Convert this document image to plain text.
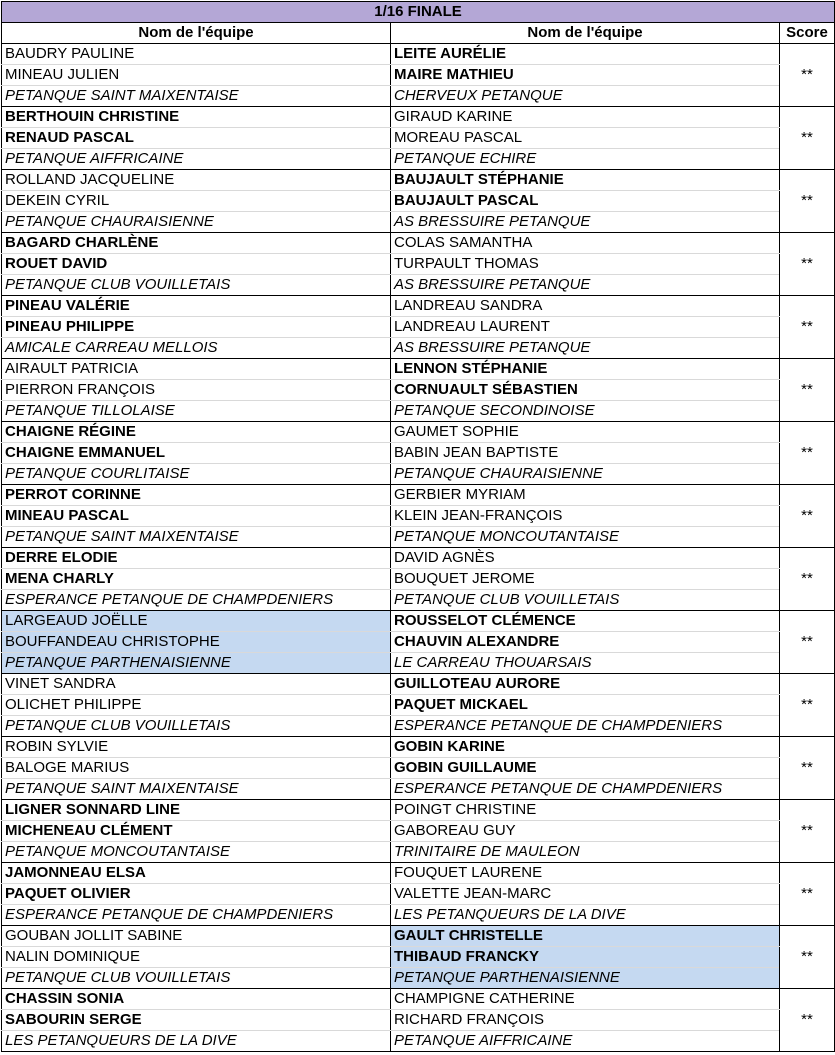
1/16 FINALE		
Nom de l'équipe	Nom de l'équipe	Score
BAUDRY PAULINE	LEITE AURÉLIE	**
MINEAU JULIEN	MAIRE MATHIEU	
PETANQUE SAINT MAIXENTAISE	CHERVEUX PETANQUE	
BERTHOUIN CHRISTINE	GIRAUD KARINE	**
RENAUD PASCAL	MOREAU PASCAL	
PETANQUE AIFFRICAINE	PETANQUE ECHIRE	
ROLLAND JACQUELINE	BAUJAULT STÉPHANIE	**
DEKEIN CYRIL	BAUJAULT PASCAL	
PETANQUE CHAURAISIENNE	AS BRESSUIRE PETANQUE	
BAGARD CHARLÈNE	COLAS SAMANTHA	**
ROUET DAVID	TURPAULT THOMAS	
PETANQUE CLUB VOUILLETAIS	AS BRESSUIRE PETANQUE	
PINEAU VALÉRIE	LANDREAU SANDRA	**
PINEAU PHILIPPE	LANDREAU LAURENT	
AMICALE CARREAU MELLOIS	AS BRESSUIRE PETANQUE	
AIRAULT PATRICIA	LENNON STÉPHANIE	**
PIERRON FRANÇOIS	CORNUAULT SÉBASTIEN	
PETANQUE TILLOLAISE	PETANQUE SECONDINOISE	
CHAIGNE RÉGINE	GAUMET SOPHIE	**
CHAIGNE EMMANUEL	BABIN JEAN BAPTISTE	
PETANQUE COURLITAISE	PETANQUE CHAURAISIENNE	
PERROT CORINNE	GERBIER MYRIAM	**
MINEAU PASCAL	KLEIN JEAN-FRANÇOIS	
PETANQUE SAINT MAIXENTAISE	PETANQUE MONCOUTANTAISE	
DERRE ELODIE	DAVID AGNÈS	**
MENA CHARLY	BOUQUET JEROME	
ESPERANCE PETANQUE DE CHAMPDENIERS	PETANQUE CLUB VOUILLETAIS	
LARGEAUD JOËLLE	ROUSSELOT CLÉMENCE	**
BOUFFANDEAU CHRISTOPHE	CHAUVIN ALEXANDRE	
PETANQUE PARTHENAISIENNE	LE CARREAU THOUARSAIS	
VINET SANDRA	GUILLOTEAU AURORE	**
OLICHET PHILIPPE	PAQUET MICKAEL	
PETANQUE CLUB VOUILLETAIS	ESPERANCE PETANQUE DE CHAMPDENIERS	
ROBIN SYLVIE	GOBIN KARINE	**
BALOGE MARIUS	GOBIN GUILLAUME	
PETANQUE SAINT MAIXENTAISE	ESPERANCE PETANQUE DE CHAMPDENIERS	
LIGNER SONNARD LINE	POINGT CHRISTINE	**
MICHENEAU CLÉMENT	GABOREAU GUY	
PETANQUE MONCOUTANTAISE	TRINITAIRE DE MAULEON	
JAMONNEAU ELSA	FOUQUET LAURENE	**
PAQUET OLIVIER	VALETTE JEAN-MARC	
ESPERANCE PETANQUE DE CHAMPDENIERS	LES PETANQUEURS DE LA DIVE	
GOUBAN JOLLIT SABINE	GAULT CHRISTELLE	**
NALIN DOMINIQUE	THIBAUD FRANCKY	
PETANQUE CLUB VOUILLETAIS	PETANQUE PARTHENAISIENNE	
CHASSIN SONIA	CHAMPIGNE CATHERINE	**
SABOURIN SERGE	RICHARD FRANÇOIS	
LES PETANQUEURS DE LA DIVE	PETANQUE AIFFRICAINE	
